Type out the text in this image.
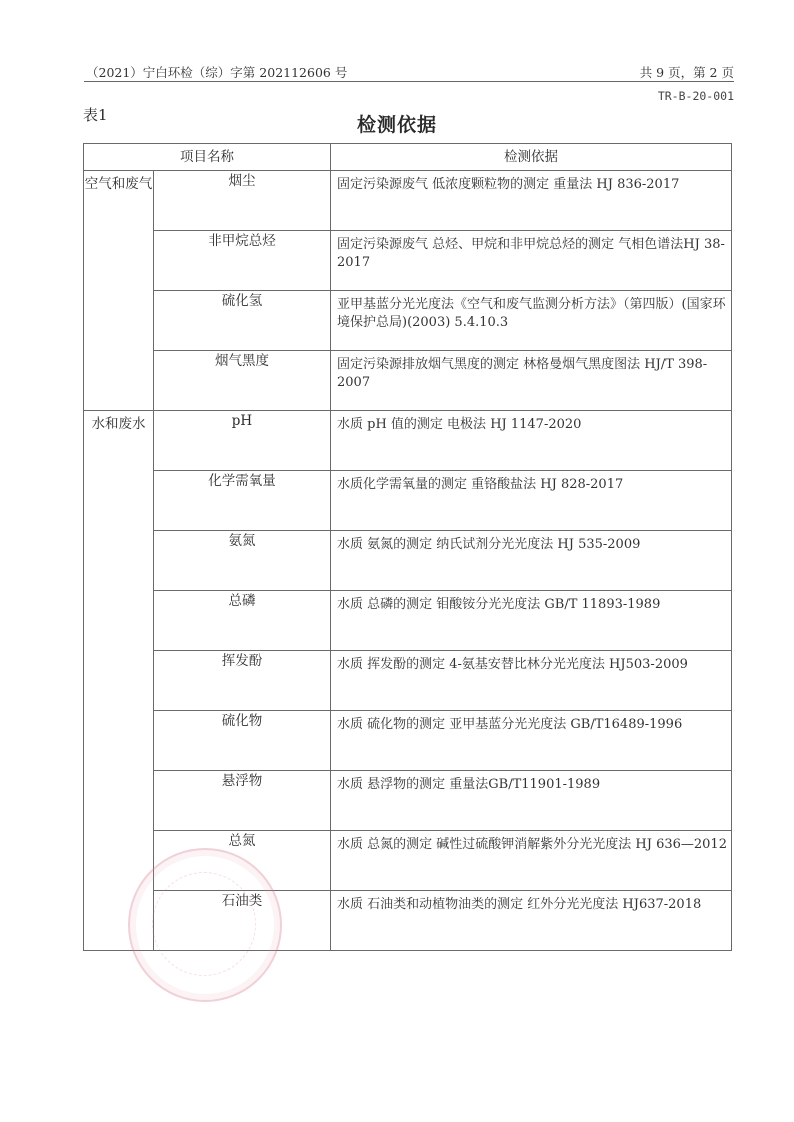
（2021）宁白环检（综）字第 202112606 号	共 9 页，第 2 页
TR-B-20-001
表1	检测依据
项目名称		检测依据
空气和废气	烟尘	固定污染源废气 低浓度颗粒物的测定 重量法 HJ 836-2017
	非甲烷总烃	固定污染源废气 总烃、甲烷和非甲烷总烃的测定 气相色谱法HJ 38-2017
	硫化氢	亚甲基蓝分光光度法《空气和废气监测分析方法》（第四版）(国家环境保护总局)(2003) 5.4.10.3
	烟气黑度	固定污染源排放烟气黑度的测定 林格曼烟气黑度图法 HJ/T 398-2007
水和废水	pH	水质 pH 值的测定 电极法 HJ 1147-2020
	化学需氧量	水质化学需氧量的测定 重铬酸盐法 HJ 828-2017
	氨氮	水质 氨氮的测定 纳氏试剂分光光度法 HJ 535-2009
	总磷	水质 总磷的测定 钼酸铵分光光度法 GB/T 11893-1989
	挥发酚	水质 挥发酚的测定 4-氨基安替比林分光光度法 HJ503-2009
	硫化物	水质 硫化物的测定 亚甲基蓝分光光度法 GB/T16489-1996
	悬浮物	水质 悬浮物的测定 重量法GB/T11901-1989
	总氮	水质 总氮的测定 碱性过硫酸钾消解紫外分光光度法 HJ 636—2012
	石油类	水质 石油类和动植物油类的测定 红外分光光度法 HJ637-2018
